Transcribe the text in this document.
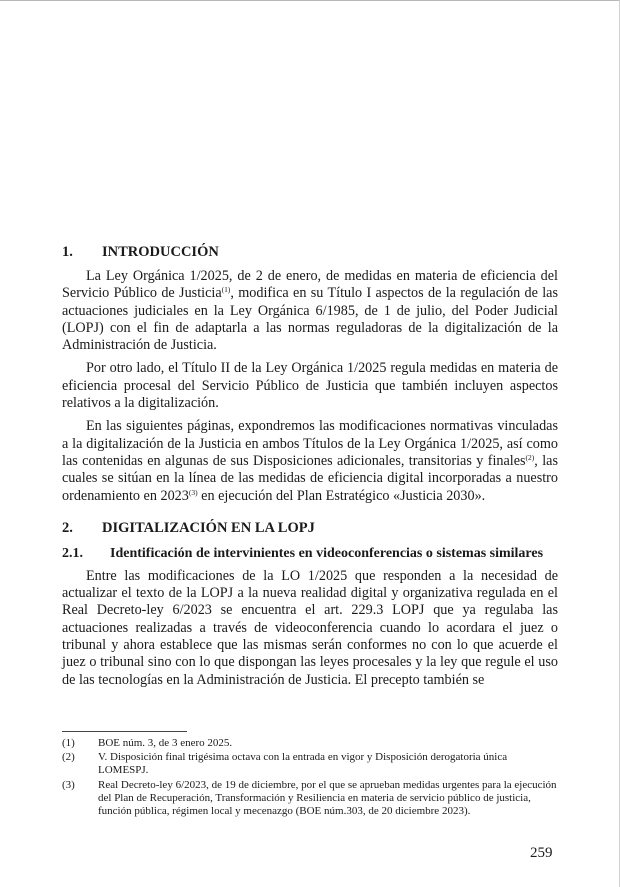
1.	INTRODUCCIÓN

La Ley Orgánica 1/2025, de 2 de enero, de medidas en materia de eficiencia del Servicio Público de Justicia$^{(1)}$, modifica en su Título I aspectos de la regulación de las actuaciones judiciales en la Ley Orgánica 6/1985, de 1 de julio, del Poder Judicial (LOPJ) con el fin de adaptarla a las normas reguladoras de la digitalización de la Administración de Justicia.

Por otro lado, el Título II de la Ley Orgánica 1/2025 regula medidas en materia de eficiencia procesal del Servicio Público de Justicia que también incluyen aspectos relativos a la digitalización.

En las siguientes páginas, expondremos las modificaciones normativas vinculadas a la digitalización de la Justicia en ambos Títulos de la Ley Orgánica 1/2025, así como las contenidas en algunas de sus Disposiciones adicionales, transitorias y finales$^{(2)}$, las cuales se sitúan en la línea de las medidas de eficiencia digital incorporadas a nuestro ordenamiento en 2023$^{(3)}$ en ejecución del Plan Estratégico «Justicia 2030».

2.	DIGITALIZACIÓN EN LA LOPJ
2.1.	Identificación de intervinientes en videoconferencias o sistemas similares

Entre las modificaciones de la LO 1/2025 que responden a la necesidad de actualizar el texto de la LOPJ a la nueva realidad digital y organizativa regulada en el Real Decreto-ley 6/2023 se encuentra el art. 229.3 LOPJ que ya regulaba las actuaciones realizadas a través de videoconferencia cuando lo acordara el juez o tribunal y ahora establece que las mismas serán conformes no con lo que acuerde el juez o tribunal sino con lo que dispongan las leyes procesales y la ley que regule el uso de las tecnologías en la Administración de Justicia. El precepto también se

(1)	BOE núm. 3, de 3 enero 2025.
(2)	V. Disposición final trigésima octava con la entrada en vigor y Disposición derogatoria única LOMESPJ.
(3)	Real Decreto-ley 6/2023, de 19 de diciembre, por el que se aprueban medidas urgentes para la ejecución del Plan de Recuperación, Transformación y Resiliencia en materia de servicio público de justicia, función pública, régimen local y mecenazgo (BOE núm.303, de 20 diciembre 2023).
259
